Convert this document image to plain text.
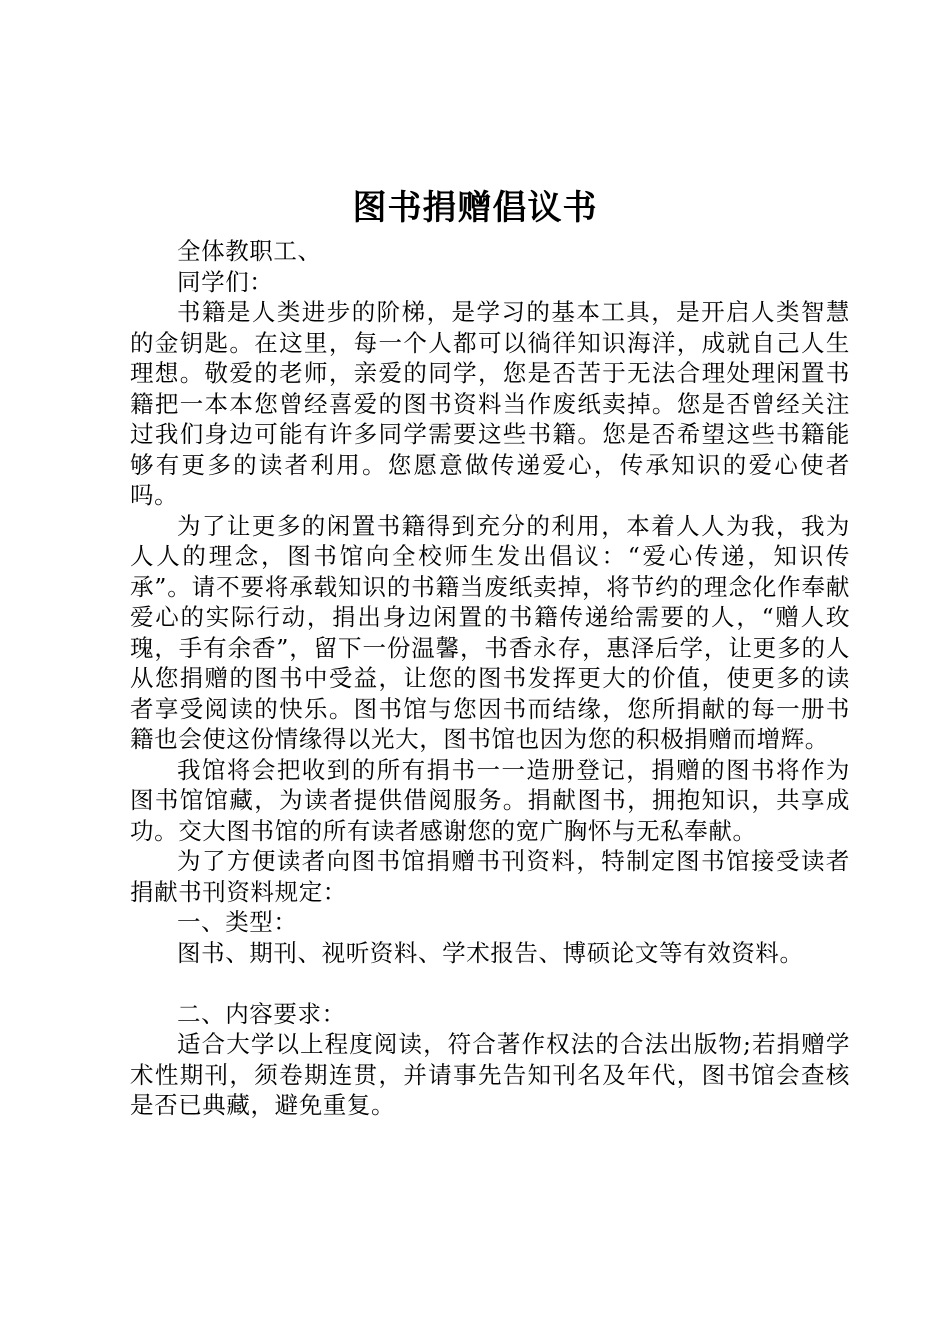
图书捐赠倡议书

全体教职工、

同学们：

书籍是人类进步的阶梯，是学习的基本工具，是开启人类智慧的金钥匙。在这里，每一个人都可以徜徉知识海洋，成就自己人生理想。敬爱的老师，亲爱的同学，您是否苦于无法合理处理闲置书籍把一本本您曾经喜爱的图书资料当作废纸卖掉。您是否曾经关注过我们身边可能有许多同学需要这些书籍。您是否希望这些书籍能够有更多的读者利用。您愿意做传递爱心，传承知识的爱心使者吗。

为了让更多的闲置书籍得到充分的利用，本着人人为我，我为人人的理念，图书馆向全校师生发出倡议：“爱心传递，知识传承”。请不要将承载知识的书籍当废纸卖掉，将节约的理念化作奉献爱心的实际行动，捐出身边闲置的书籍传递给需要的人，“赠人玫瑰，手有余香”，留下一份温馨，书香永存，惠泽后学，让更多的人从您捐赠的图书中受益，让您的图书发挥更大的价值，使更多的读者享受阅读的快乐。图书馆与您因书而结缘，您所捐献的每一册书籍也会使这份情缘得以光大，图书馆也因为您的积极捐赠而增辉。

我馆将会把收到的所有捐书一一造册登记，捐赠的图书将作为图书馆馆藏，为读者提供借阅服务。捐献图书，拥抱知识，共享成功。交大图书馆的所有读者感谢您的宽广胸怀与无私奉献。

为了方便读者向图书馆捐赠书刊资料，特制定图书馆接受读者捐献书刊资料规定：

一、类型：

图书、期刊、视听资料、学术报告、博硕论文等有效资料。

二、内容要求：

适合大学以上程度阅读，符合著作权法的合法出版物;若捐赠学术性期刊，须卷期连贯，并请事先告知刊名及年代，图书馆会查核是否已典藏，避免重复。
